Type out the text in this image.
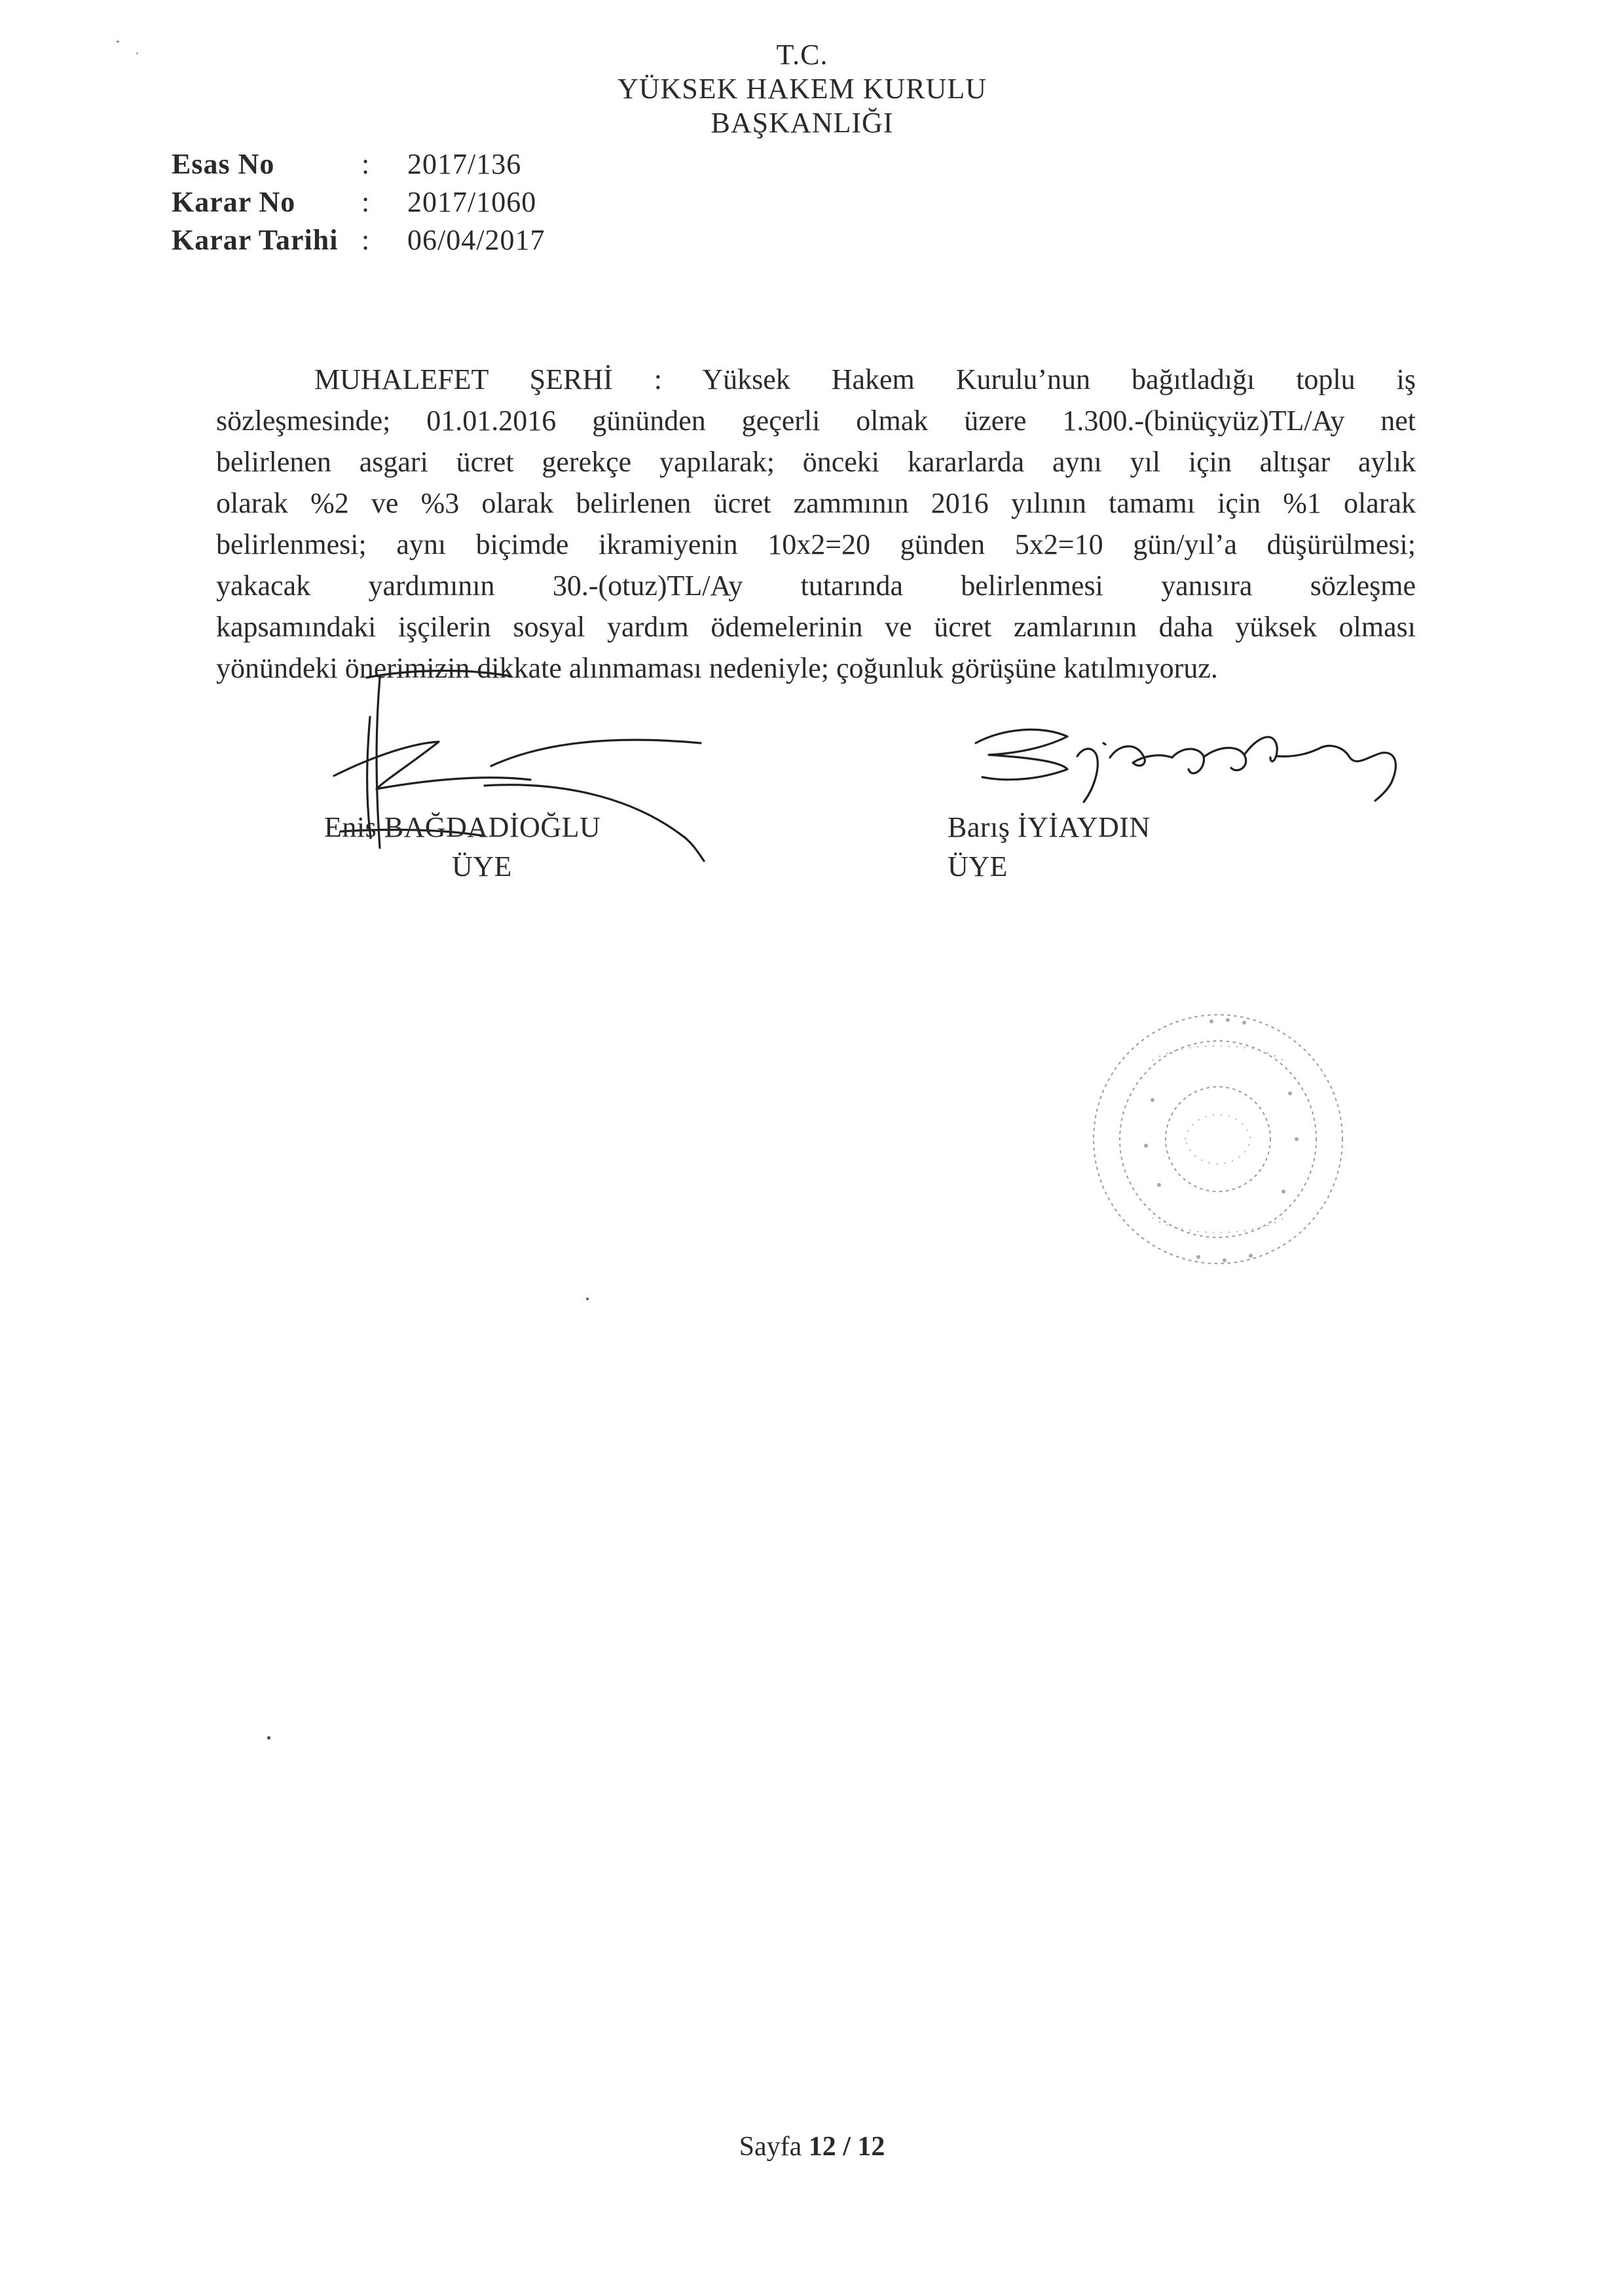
T.C.
YÜKSEK HAKEM KURULU
BAŞKANLIĞI
Esas No	:	2017/136
Karar No	:	2017/1060
Karar Tarihi :	06/04/2017
MUHALEFET ŞERHİ : Yüksek Hakem Kurulu’nun bağıtladığı toplu iş
sözleşmesinde; 01.01.2016 gününden geçerli olmak üzere 1.300.-(binüçyüz)TL/Ay net
belirlenen asgari ücret gerekçe yapılarak; önceki kararlarda aynı yıl için altışar aylık
olarak %2 ve %3 olarak belirlenen ücret zammının 2016 yılının tamamı için %1 olarak
belirlenmesi; aynı biçimde ikramiyenin 10x2=20 günden 5x2=10 gün/yıl’a düşürülmesi;
yakacak yardımının 30.-(otuz)TL/Ay tutarında belirlenmesi yanısıra sözleşme
kapsamındaki işçilerin sosyal yardım ödemelerinin ve ücret zamlarının daha yüksek olması
yönündeki önerimizin dikkate alınmaması nedeniyle; çoğunluk görüşüne katılmıyoruz.
Enis BAĞDADİOĞLU
ÜYE
Barış İYİAYDIN
ÜYE
Sayfa 12 / 12
